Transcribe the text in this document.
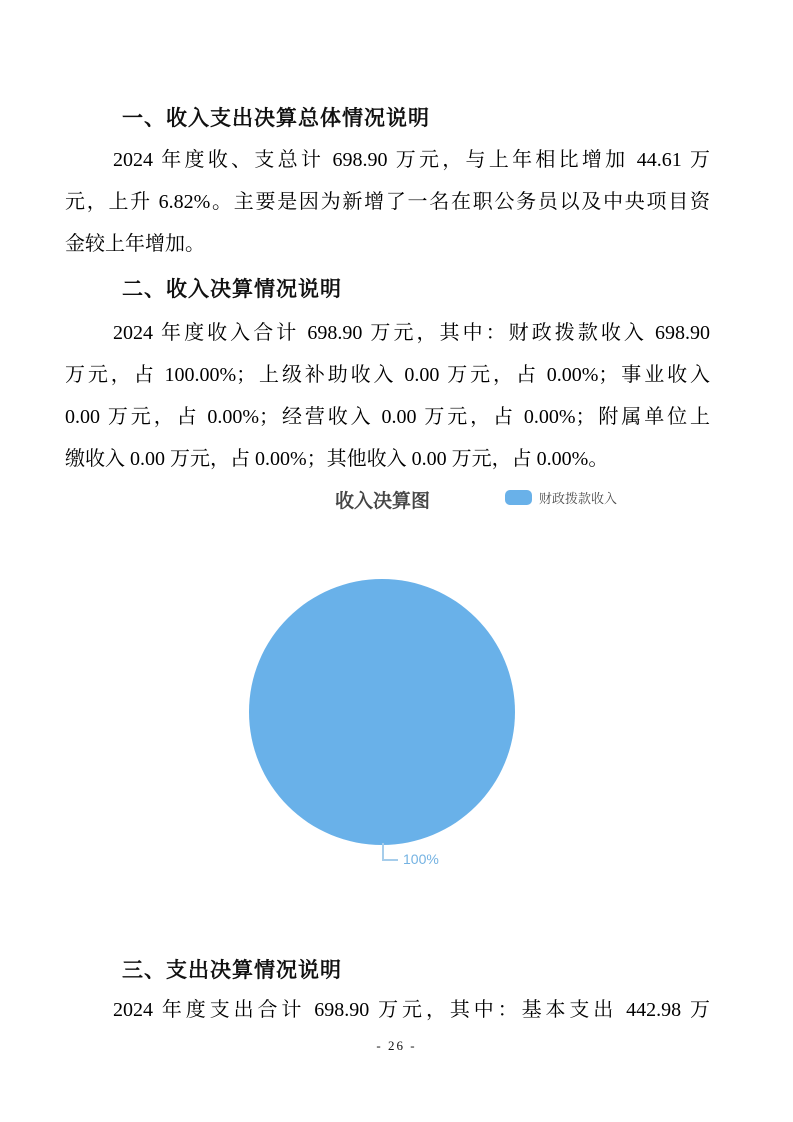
一、收入支出决算总体情况说明
2024 年度收、支总计 698.90 万元，与上年相比增加 44.61 万
元，上升 6.82%。主要是因为新增了一名在职公务员以及中央项目资
金较上年增加。
二、收入决算情况说明
2024 年度收入合计 698.90 万元，其中：财政拨款收入 698.90
万元，占 100.00%；上级补助收入 0.00 万元，占 0.00%；事业收入
0.00 万元，占 0.00%；经营收入 0.00 万元，占 0.00%；附属单位上
缴收入 0.00 万元，占 0.00%；其他收入 0.00 万元，占 0.00%。
收入决算图	财政拨款收入
100%
三、支出决算情况说明
2024 年度支出合计 698.90 万元，其中：基本支出 442.98 万
- 26 -
